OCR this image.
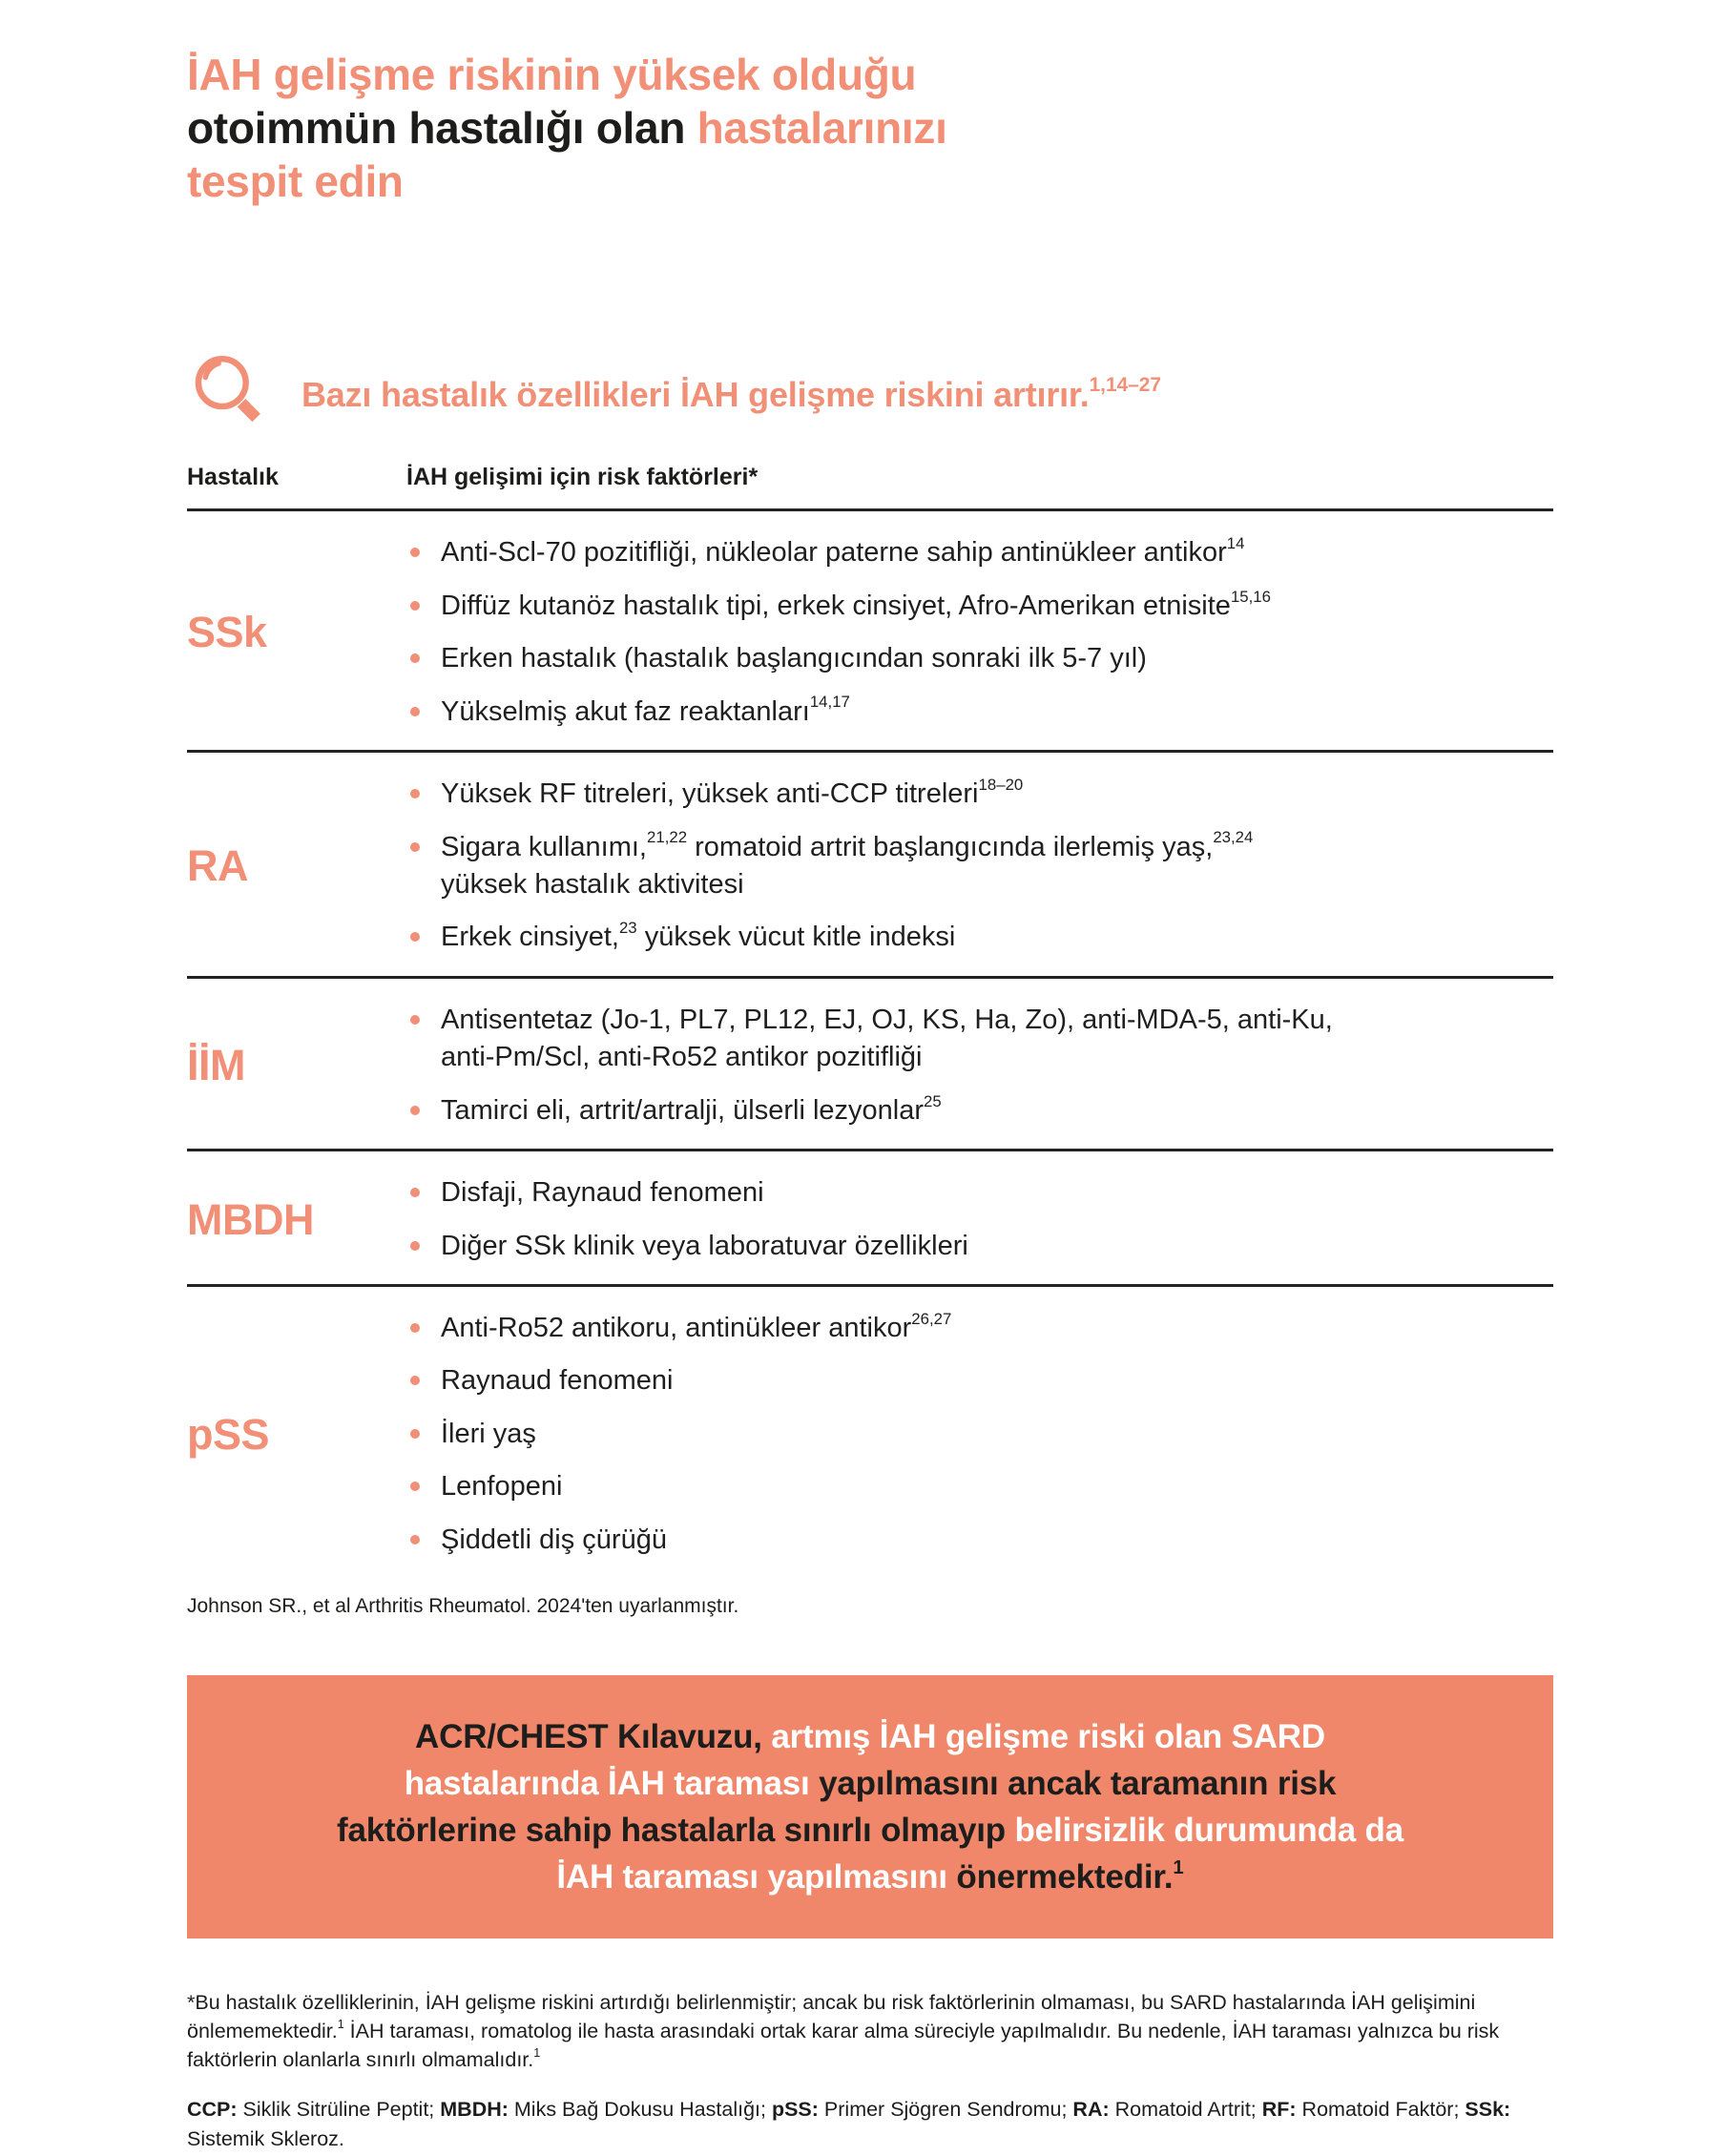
İAH gelişme riskinin yüksek olduğu
otoimmün hastalığı olan hastalarınızı
tespit edin
Bazı hastalık özellikleri İAH gelişme riskini artırır.$^{1,14-27}$
Hastalık	İAH gelişimi için risk faktörleri*
SSk
Anti-Scl-70 pozitifliği, nükleolar paterne sahip antinükleer antikor$^{14}$
Diffüz kutanöz hastalık tipi, erkek cinsiyet, Afro-Amerikan etnisite$^{15,16}$
Erken hastalık (hastalık başlangıcından sonraki ilk 5-7 yıl)
Yükselmiş akut faz reaktanları$^{14,17}$
RA
Yüksek RF titreleri, yüksek anti-CCP titreleri$^{18-20}$
Sigara kullanımı,$^{21,22}$ romatoid artrit başlangıcında ilerlemiş yaş,$^{23,24}$
yüksek hastalık aktivitesi
Erkek cinsiyet,$^{23}$ yüksek vücut kitle indeksi
İİM
Antisentetaz (Jo-1, PL7, PL12, EJ, OJ, KS, Ha, Zo), anti-MDA-5, anti-Ku,
anti-Pm/Scl, anti-Ro52 antikor pozitifliği
Tamirci eli, artrit/artralji, ülserli lezyonlar$^{25}$
MBDH
Disfaji, Raynaud fenomeni
Diğer SSk klinik veya laboratuvar özellikleri
pSS
Anti-Ro52 antikoru, antinükleer antikor$^{26,27}$
Raynaud fenomeni
İleri yaş
Lenfopeni
Şiddetli diş çürüğü
Johnson SR., et al Arthritis Rheumatol. 2024'ten uyarlanmıştır.
ACR/CHEST Kılavuzu, artmış İAH gelişme riski olan SARD
hastalarında İAH taraması yapılmasını ancak taramanın risk
faktörlerine sahip hastalarla sınırlı olmayıp belirsizlik durumunda da
İAH taraması yapılmasını önermektedir.$^1$

*Bu hastalık özelliklerinin, İAH gelişme riskini artırdığı belirlenmiştir; ancak bu risk faktörlerinin olmaması, bu SARD hastalarında İAH gelişimini önlememektedir.$^1$ İAH taraması, romatolog ile hasta arasındaki ortak karar alma süreciyle yapılmalıdır. Bu nedenle, İAH taraması yalnızca bu risk faktörlerin olanlarla sınırlı olmamalıdır.$^1$

CCP: Siklik Sitrüline Peptit; MBDH: Miks Bağ Dokusu Hastalığı; pSS: Primer Sjögren Sendromu; RA: Romatoid Artrit; RF: Romatoid Faktör; SSk: Sistemik Skleroz.
